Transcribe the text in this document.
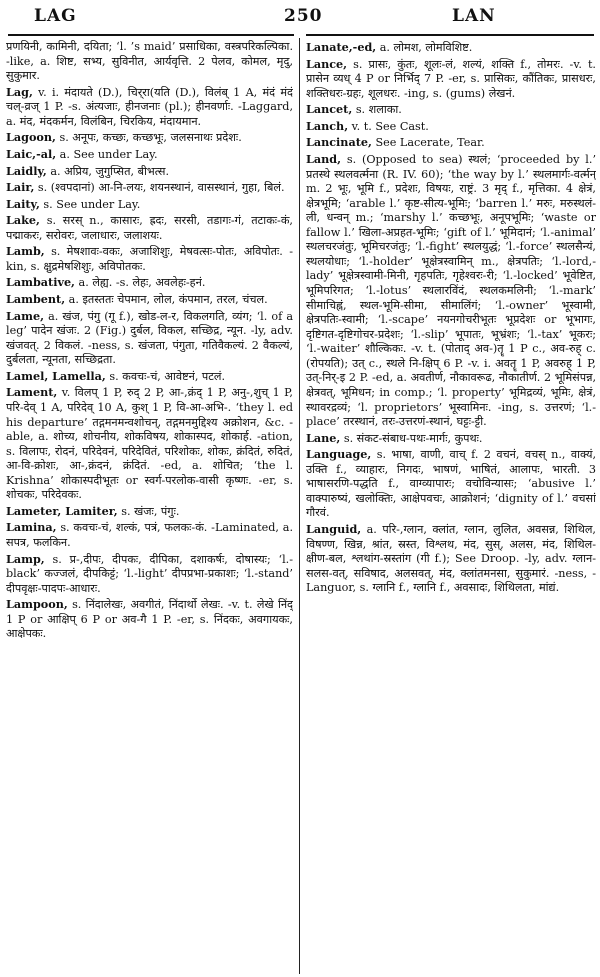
LAG	250	LAN

प्रणयिनी, कामिनी, दयिता; ‘l. ’s maid’ प्रसाधिका, वस्त्रपरिकल्पिका. -like, a. शिष्ट, सभ्य, सुविनीत, आर्यवृत्ति. 2 पेलव, कोमल, मृदु, सुकुमार.

Lag, v. i. मंदायते (D.), चिर्‌रा(यति (D.), विलंब् 1 A, मंदं मंदं चल्‌-व्रज् 1 P. -s. अंत्यजाः, हीनजनाः (pl.); हीनवर्णाः. -Laggard, a. मंद, मंदकर्मन, विलंबिन, चिरकिय, मंदायमान.

Lagoon, s. अनूपः, कच्छः, कच्छभूः, जलसनाथः प्रदेशः.

Laic,-al, a. See under Lay.

Laidly, a. अप्रिय, जुगुप्सित, बीभत्स.

Lair, s. (श्वपदानां) आ-नि-लयः, शयनस्थानं, वासस्थानं, गुहा, बिलं.

Laity, s. See under Lay.

Lake, s. सरस् n., कासारः, ह्रदः, सरसी, तडागः-गं, तटाकः-कं, पद्माकरः, सरोवरः, जलाधारः, जलाशयः.

Lamb, s. मेषशावः-वकः, अजाशिशुः, मेषवत्सः-पोतः, अविपोतः. -kin, s. क्षुद्रमेषशिशुः, अविपोतकः.

Lambative, a. लेह्य. -s. लेहः, अवलेहः-हनं.

Lambent, a. इतस्ततः चेपमान, लोल, कंपमान, तरल, चंचल.

Lame, a. खंज, पंगु (गू f.), खोड-ल-र, विकलगति, व्यंग; ‘l. of a leg’ पादेन खंजः. 2 (Fig.) दुर्बल, विकल, सच्छिद्र, न्यून. -ly, adv. खंजवत्. 2 विकलं. -ness, s. खंजता, पंगुता, गतिवैकल्यं. 2 वैकल्यं, दुर्बलता, न्यूनता, सच्छिद्रता.

Lamel, Lamella, s. कवचः-चं, आवेष्टनं, पटलं.

Lament, v. विलप् 1 P, रुद् 2 P, आ-,क्रंद् 1 P, अनु-,शुच् 1 P, परि-देव् 1 A, परिदेव् 10 A, कुश् 1 P, वि-आ-अभि-. ‘they l. ed his departure’ तद्गमनमन्वशोचन्, तद्गमनमुद्दिश्य अक्रोशन, &c. -able, a. शोच्य, शोचनीय, शोकविषय, शोकास्पद, शोकार्ह. -ation, s. विलापः, रोदनं, परिदेवनं, परिदेवितं, परिशोकः, शोकः, क्रंदितं, रुदितं, आ-वि-क्रोशः, आ-,क्रंदनं, क्रंदितं. -ed, a. शोचित; ‘the l. Krishna’ शोकास्पदीभूतः or स्वर्ग-परलोक-वासी कृष्णः. -er, s. शोचकः, परिदेवकः.

Lameter, Lamiter, s. खंजः, पंगुः.

Lamina, s. कवचः-चं, शल्कं, पत्रं, फलकः-कं. -Laminated, a. सपत्र, फलकिन.

Lamp, s. प्र-,दीपः, दीपकः, दीपिका, दशाकर्षः, दोषास्यः; ‘l.-black’ कज्जलं, दीपकिट्टं; ‘l.-light’ दीपप्रभा-प्रकाशः; ‘l.-stand’ दीपवृक्षः-पादपः-आधारः.

Lampoon, s. निंदालेखः, अवगीतं, निंदार्थो लेखः. -v. t. लेखे निंद् 1 P or आक्षिप् 6 P or अव-गै 1 P. -er, s. निंदकः, अवगायकः, आक्षेपकः.

Lanate,-ed, a. लोमश, लोमविशिष्ट.

Lance, s. प्रासः, कुंतः, शूलः-लं, शल्यं, शक्ति f., तोमरः. -v. t. प्रासेन व्यध् 4 P or निर्भिद् 7 P. -er, s. प्रासिकः, कौंतिकः, प्रासधरः, शक्तिधरः-ग्रहः, शूलधरः. -ing, s. (gums) लेखनं.

Lancet, s. शलाका.

Lanch, v. t. See Cast.

Lancinate, See Lacerate, Tear.

Land, s. (Opposed to sea) स्थलं; ‘proceeded by l.’ प्रतस्थे स्थलवर्त्मना (R. IV. 60); ‘the way by l.’ स्थलमार्गः-वर्त्मन् m. 2 भूः, भूमि f., प्रदेशः, विषयः, राष्ट्रं. 3 मृद् f., मृत्तिका. 4 क्षेत्रं, क्षेत्रभूमि; ‘arable l.’ कृष्ट-सीत्य-भूमिः; ‘barren l.’ मरुः, मरुस्थलं-ली, धन्वन् m.; ‘marshy l.’ कच्छभूः, अनूपभूमिः; ‘waste or fallow l.’ खिला-अप्रहत-भूमिः; ‘gift of l.’ भूमिदानं; ‘l.-animal’ स्थलचरजंतुः, भूमिचरजंतुः; ‘l.-fight’ स्थलयुद्धं; ‘l.-force’ स्थलसैन्यं, स्थलयोधाः; ‘l.-holder’ भूक्षेत्रस्वामिन् m., क्षेत्रपतिः; ‘l.-lord,-lady’ भूक्षेत्रस्वामी-मिनी, गृहपतिः, गृहेश्वरः-री; ‘l.-locked’ भूवेष्टित, भूमिपरिगत; ‘l.-lotus’ स्थलारविंदं, स्थलकमलिनी; ‘l.-mark’ सीमाचिह्नं, स्थल-भूमि-सीमा, सीमालिंगं; ‘l.-owner’ भूस्वामी, क्षेत्रपतिः-स्वामी; ‘l.-scape’ नयनगोचरीभूतः भूप्रदेशः or भूभागः, दृष्टिगत-दृष्टिगोचर-प्रदेशः; ‘l.-slip’ भूपातः, भूभ्रंशः; ‘l.-tax’ भूकरः; ‘l.-waiter’ शौल्किकः. -v. t. (पोताद् अव-)तॄ 1 P c., अव-रुह् c. (रोपयति); उत् c., स्थले नि-क्षिप् 6 P. -v. i. अवतॄ 1 P, अवरुह् 1 P, उत्-निर्-इ 2 P. -ed, a. अवतीर्ण, नौकावरूढ, नौकातीर्ण. 2 भूमिसंपन्न, क्षेत्रवत्, भूमिधन; in comp.; ‘l. property’ भूमिद्रव्यं, भूमिः, क्षेत्रं, स्थावरद्रव्यं; ‘l. proprietors’ भूस्वामिनः. -ing, s. उत्तरणं; ‘l.-place’ तरस्थानं, तरः-उत्तरणं-स्थानं, घट्टः-ट्टी.

Lane, s. संकट-संबाध-पथः-मार्गः, कुपथः.

Language, s. भाषा, वाणी, वाच् f. 2 वचनं, वचस् n., वाक्यं, उक्ति f., व्याहारः, निगदः, भाषणं, भाषितं, आलापः, भारती. 3 भाषासरणि-पद्धति f., वाग्व्यापारः; वचोविन्यासः; ‘abusive l.’ वाक्पारुष्यं, खलोक्तिः, आक्षेपवचः, आक्रोशनं; ‘dignity of l.’ वचसां गौरवं.

Languid, a. परि-,ग्लान, क्लांत, ग्लान, लुलित, अवसन्न, शिथिल, विषण्ण, खिन्न, श्रांत, स्रस्त, विश्लथ, मंद, सुस्, अलस, मंद, शिथिल-क्षीण-बल, श्लथांग-स्रस्तांग (गी f.); See Droop. -ly, adv. ग्लान-सलस-वत्, सविषाद, अलसवत्, मंद, क्लांतमनसा, सुकुमारं. -ness, -Languor, s. ग्लानि f., ग्लानि f., अवसादः, शिथिलता, मांद्यं.
